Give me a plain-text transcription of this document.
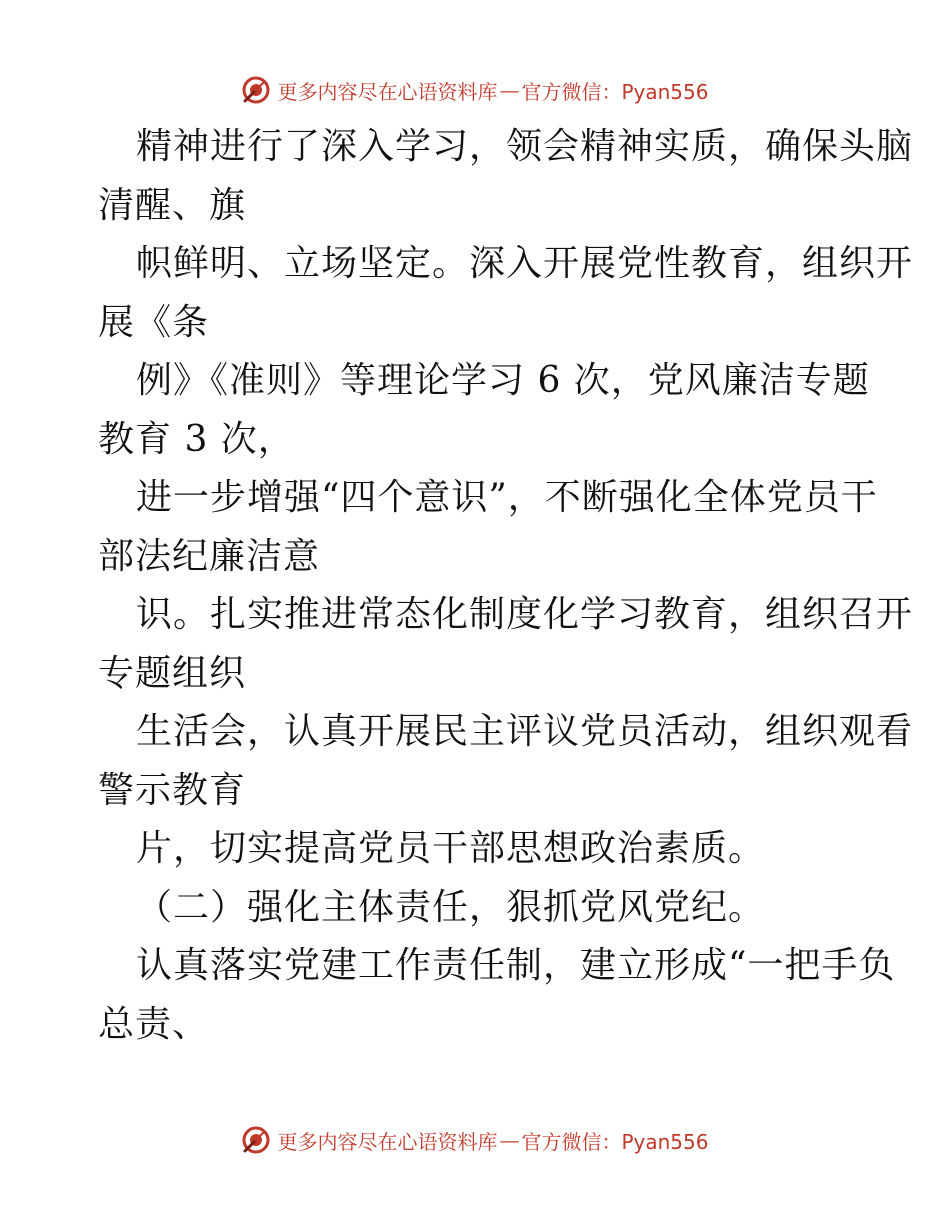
更多内容尽在心语资料库 — 官方微信：Pyan556
精神进行了深入学习，领会精神实质，确保头脑
清醒、旗
帜鲜明、立场坚定。深入开展党性教育，组织开
展《条
例》《准则》等理论学习 6 次，党风廉洁专题
教育 3 次，
进一步增强“四个意识”，不断强化全体党员干
部法纪廉洁意
识。扎实推进常态化制度化学习教育，组织召开
专题组织
生活会，认真开展民主评议党员活动，组织观看
警示教育
片，切实提高党员干部思想政治素质。
（二）强化主体责任，狠抓党风党纪。
认真落实党建工作责任制，建立形成“一把手负
总责、
更多内容尽在心语资料库 — 官方微信：Pyan556
